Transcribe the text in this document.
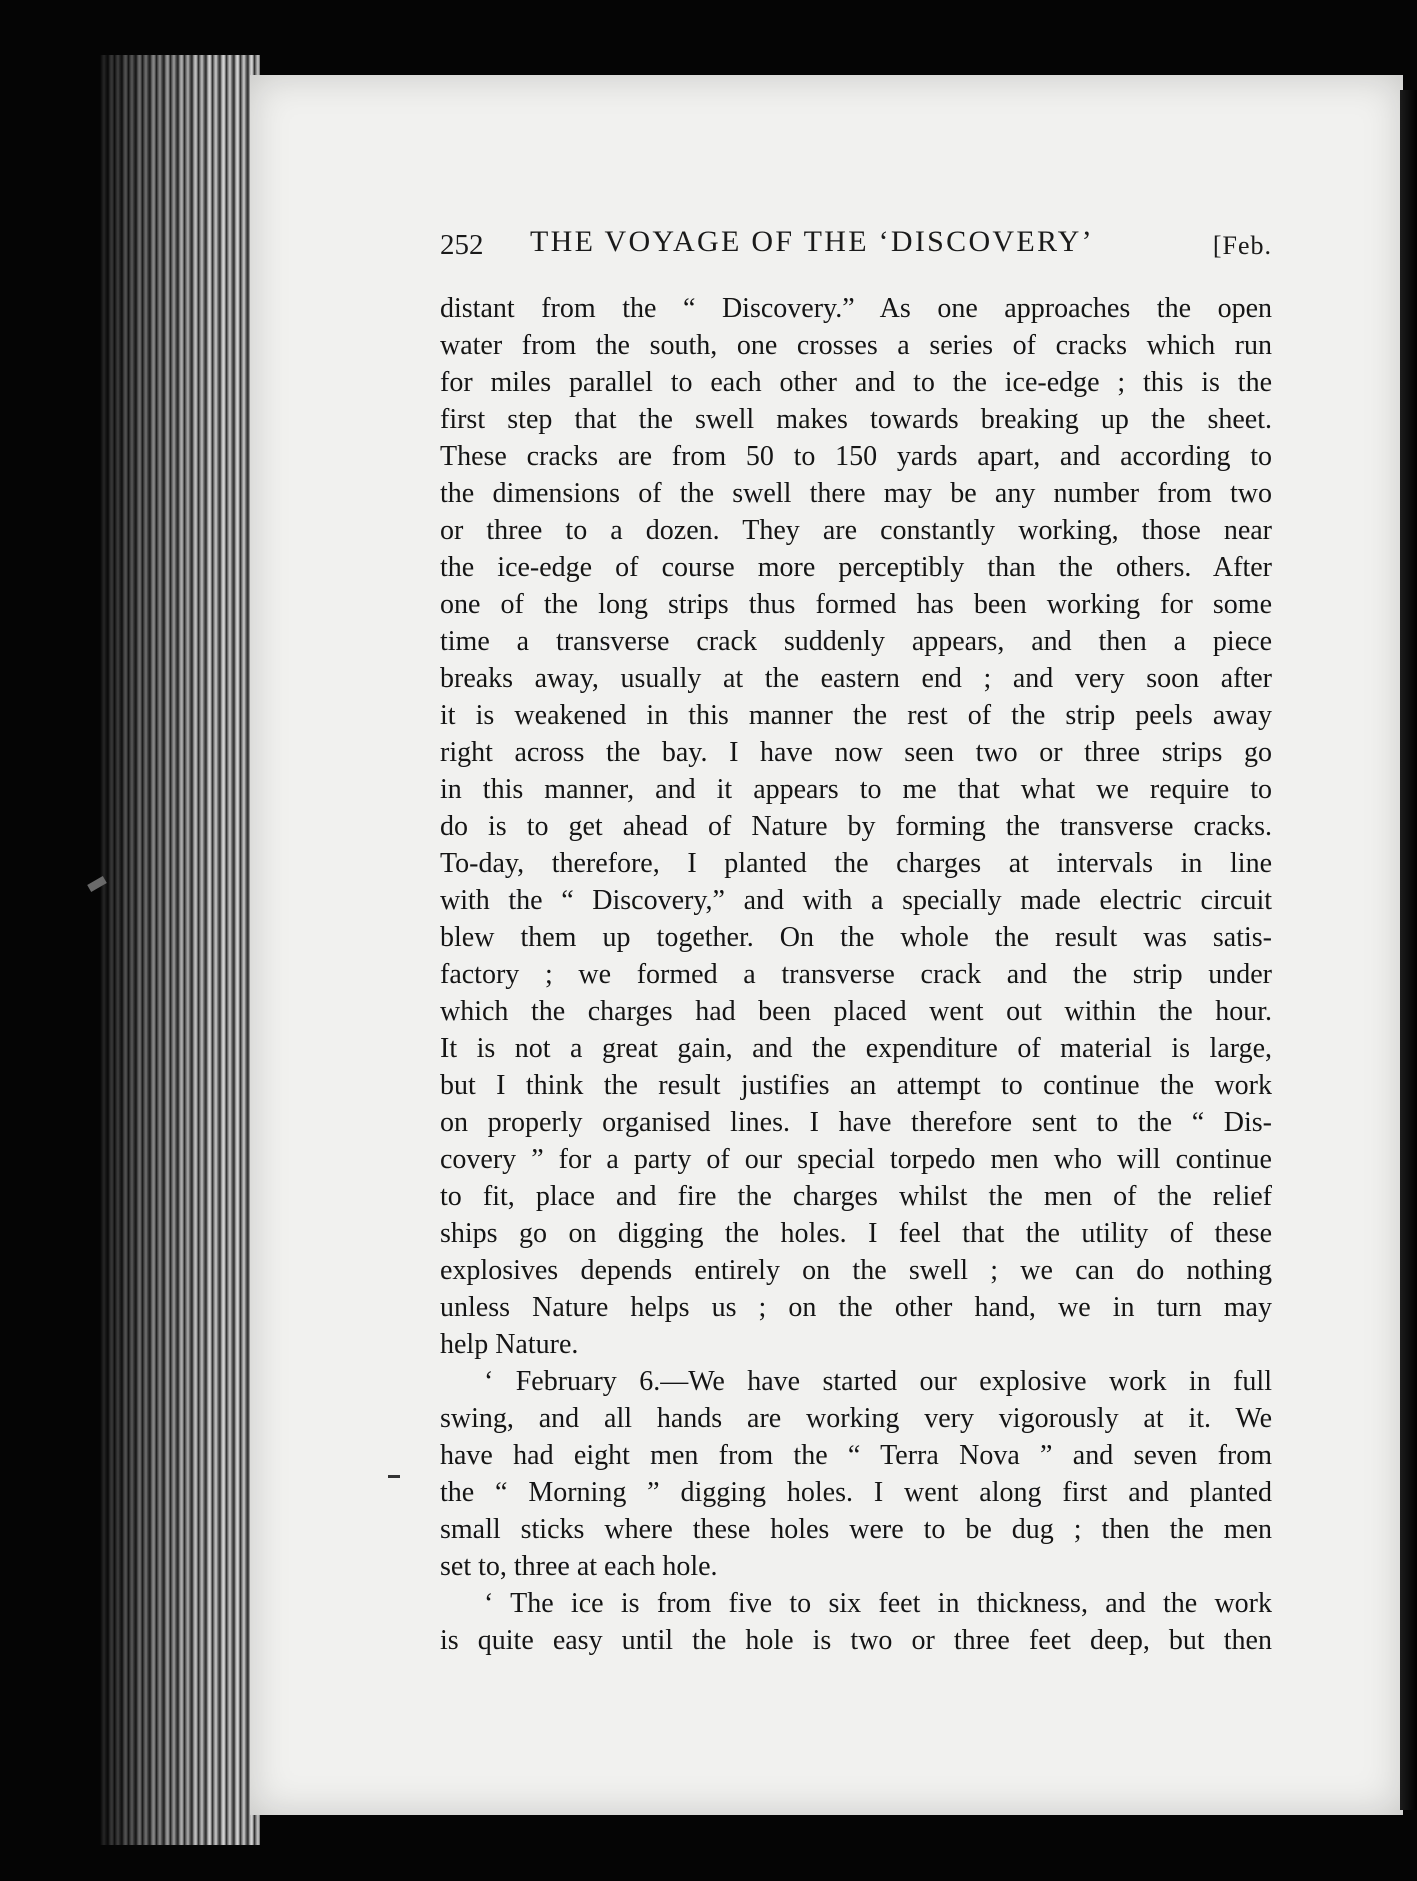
252 THE VOYAGE OF THE ‘DISCOVERY’	[Feb.
distant from the “ Discovery.” As one approaches the open
water from the south, one crosses a series of cracks which run
for miles parallel to each other and to the ice-edge ; this is the
first step that the swell makes towards breaking up the sheet.
These cracks are from 50 to 150 yards apart, and according to
the dimensions of the swell there may be any number from two
or three to a dozen. They are constantly working, those near
the ice-edge of course more perceptibly than the others. After
one of the long strips thus formed has been working for some
time a transverse crack suddenly appears, and then a piece
breaks away, usually at the eastern end ; and very soon after
it is weakened in this manner the rest of the strip peels away
right across the bay. I have now seen two or three strips go
in this manner, and it appears to me that what we require to
do is to get ahead of Nature by forming the transverse cracks.
To-day, therefore, I planted the charges at intervals in line
with the “ Discovery,” and with a specially made electric circuit
blew them up together. On the whole the result was satis-
factory ; we formed a transverse crack and the strip under
which the charges had been placed went out within the hour.
It is not a great gain, and the expenditure of material is large,
but I think the result justifies an attempt to continue the work
on properly organised lines. I have therefore sent to the “ Dis-
covery ” for a party of our special torpedo men who will continue
to fit, place and fire the charges whilst the men of the relief
ships go on digging the holes. I feel that the utility of these
explosives depends entirely on the swell ; we can do nothing
unless Nature helps us ; on the other hand, we in turn may
help Nature.
‘ February 6.—We have started our explosive work in full
swing, and all hands are working very vigorously at it. We
have had eight men from the “ Terra Nova ” and seven from
the “ Morning ” digging holes. I went along first and planted
small sticks where these holes were to be dug ; then the men
set to, three at each hole.
‘ The ice is from five to six feet in thickness, and the work
is quite easy until the hole is two or three feet deep, but then
